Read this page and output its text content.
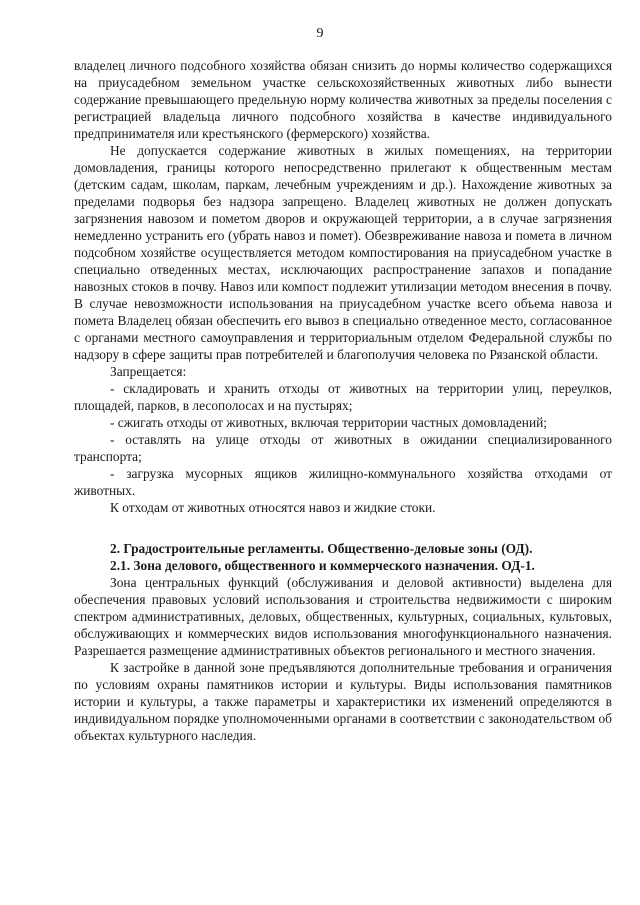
9

владелец личного подсобного хозяйства обязан снизить до нормы количество содержащихся на приусадебном земельном участке сельскохозяйственных животных либо вынести содержание превышающего предельную норму количества животных за пределы поселения с регистрацией владельца личного подсобного хозяйства в качестве индивидуального предпринимателя или крестьянского (фермерского) хозяйства.

Не допускается содержание животных в жилых помещениях, на территории домовладения, границы которого непосредственно прилегают к общественным местам (детским садам, школам, паркам, лечебным учреждениям и др.). Нахождение животных за пределами подворья без надзора запрещено. Владелец животных не должен допускать загрязнения навозом и пометом дворов и окружающей территории, а в случае загрязнения немедленно устранить его (убрать навоз и помет). Обезвреживание навоза и помета в личном подсобном хозяйстве осуществляется методом компостирования на приусадебном участке в специально отведенных местах, исключающих распространение запахов и попадание навозных стоков в почву. Навоз или компост подлежит утилизации методом внесения в почву. В случае невозможности использования на приусадебном участке всего объема навоза и помета Владелец обязан обеспечить его вывоз в специально отведенное место, согласованное с органами местного самоуправления и территориальным отделом Федеральной службы по надзору в сфере защиты прав потребителей и благополучия человека по Рязанской области.

Запрещается:

- складировать и хранить отходы от животных на территории улиц, переулков, площадей, парков, в лесополосах и на пустырях;

- сжигать отходы от животных, включая территории частных домовладений;

- оставлять на улице отходы от животных в ожидании специализированного транспорта;

- загрузка мусорных ящиков жилищно-коммунального хозяйства отходами от животных.

К отходам от животных относятся навоз и жидкие стоки.

2. Градостроительные регламенты. Общественно-деловые зоны (ОД).

2.1. Зона делового, общественного и коммерческого назначения. ОД-1.

Зона центральных функций (обслуживания и деловой активности) выделена для обеспечения правовых условий использования и строительства недвижимости с широким спектром административных, деловых, общественных, культурных, социальных, культовых, обслуживающих и коммерческих видов использования многофункционального назначения. Разрешается размещение административных объектов регионального и местного значения.

К застройке в данной зоне предъявляются дополнительные требования и ограничения по условиям охраны памятников истории и культуры. Виды использования памятников истории и культуры, а также параметры и характеристики их изменений определяются в индивидуальном порядке уполномоченными органами в соответствии с законодательством об объектах культурного наследия.
